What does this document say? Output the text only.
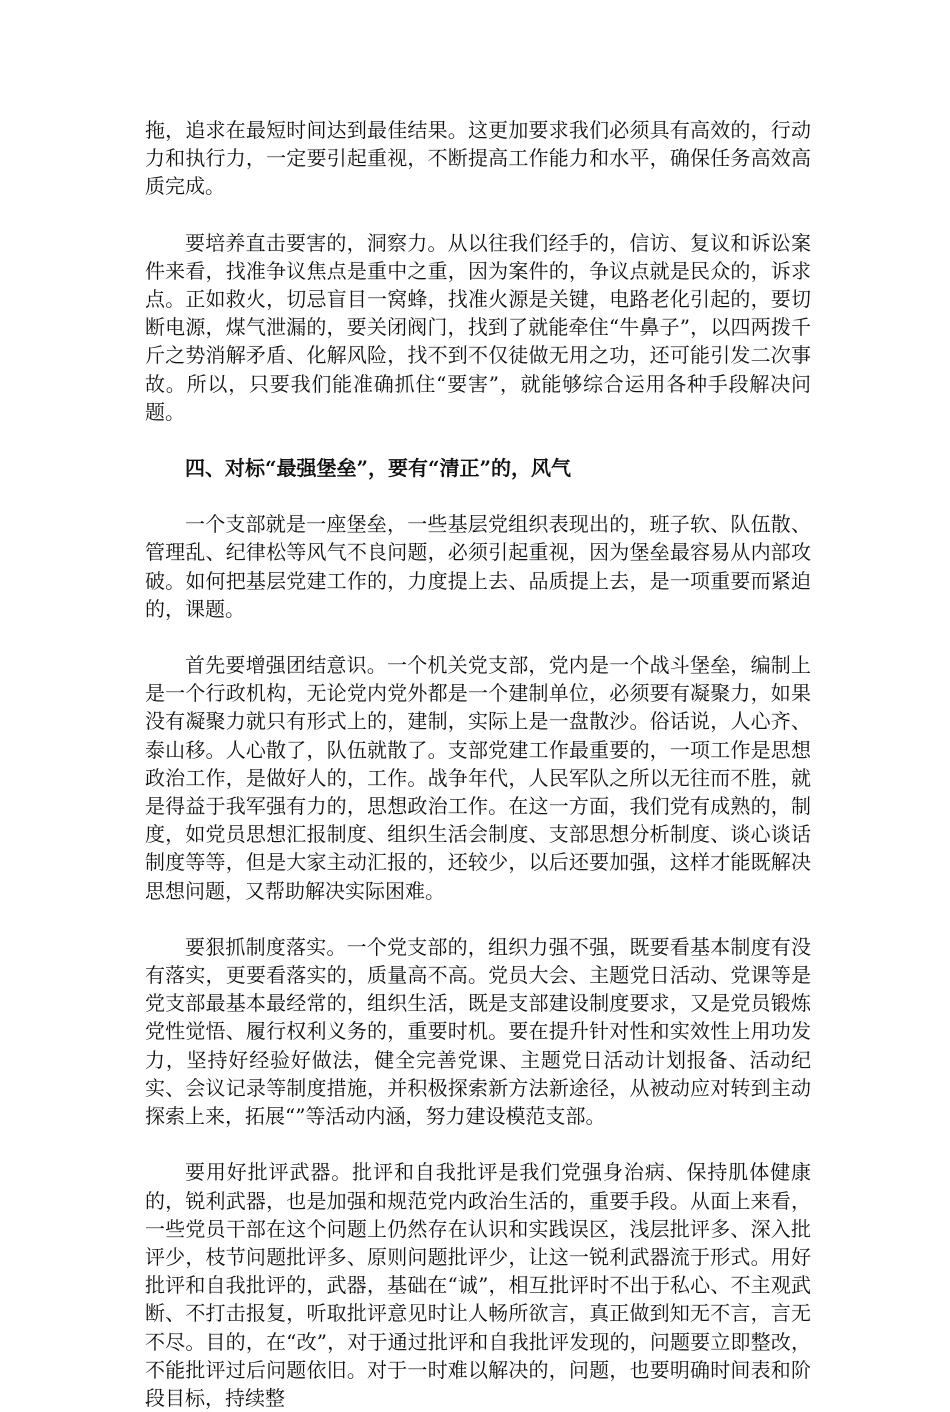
拖，追求在最短时间达到最佳结果。这更加要求我们必须具有高效的，行动力和执行力，一定要引起重视，不断提高工作能力和水平，确保任务高效高质完成。

要培养直击要害的，洞察力。从以往我们经手的，信访、复议和诉讼案件来看，找准争议焦点是重中之重，因为案件的，争议点就是民众的，诉求点。正如救火，切忌盲目一窝蜂，找准火源是关键，电路老化引起的，要切断电源，煤气泄漏的，要关闭阀门，找到了就能牵住“牛鼻子”，以四两拨千斤之势消解矛盾、化解风险，找不到不仅徒做无用之功，还可能引发二次事故。所以，只要我们能准确抓住“要害”，就能够综合运用各种手段解决问题。

四、对标“最强堡垒”，要有“清正”的，风气

一个支部就是一座堡垒，一些基层党组织表现出的，班子软、队伍散、管理乱、纪律松等风气不良问题，必须引起重视，因为堡垒最容易从内部攻破。如何把基层党建工作的，力度提上去、品质提上去，是一项重要而紧迫的，课题。

首先要增强团结意识。一个机关党支部，党内是一个战斗堡垒，编制上是一个行政机构，无论党内党外都是一个建制单位，必须要有凝聚力，如果没有凝聚力就只有形式上的，建制，实际上是一盘散沙。俗话说，人心齐、泰山移。人心散了，队伍就散了。支部党建工作最重要的，一项工作是思想政治工作，是做好人的，工作。战争年代，人民军队之所以无往而不胜，就是得益于我军强有力的，思想政治工作。在这一方面，我们党有成熟的，制度，如党员思想汇报制度、组织生活会制度、支部思想分析制度、谈心谈话制度等等，但是大家主动汇报的，还较少，以后还要加强，这样才能既解决思想问题，又帮助解决实际困难。

要狠抓制度落实。一个党支部的，组织力强不强，既要看基本制度有没有落实，更要看落实的，质量高不高。党员大会、主题党日活动、党课等是党支部最基本最经常的，组织生活，既是支部建设制度要求，又是党员锻炼党性觉悟、履行权利义务的，重要时机。要在提升针对性和实效性上用功发力，坚持好经验好做法，健全完善党课、主题党日活动计划报备、活动纪实、会议记录等制度措施，并积极探索新方法新途径，从被动应对转到主动探索上来，拓展“”等活动内涵，努力建设模范支部。

要用好批评武器。批评和自我批评是我们党强身治病、保持肌体健康的，锐利武器，也是加强和规范党内政治生活的，重要手段。从面上来看，一些党员干部在这个问题上仍然存在认识和实践误区，浅层批评多、深入批评少，枝节问题批评多、原则问题批评少，让这一锐利武器流于形式。用好批评和自我批评的，武器，基础在“诚”，相互批评时不出于私心、不主观武断、不打击报复，听取批评意见时让人畅所欲言，真正做到知无不言，言无不尽。目的，在“改”，对于通过批评和自我批评发现的，问题要立即整改，不能批评过后问题依旧。对于一时难以解决的，问题，也要明确时间表和阶段目标，持续整
